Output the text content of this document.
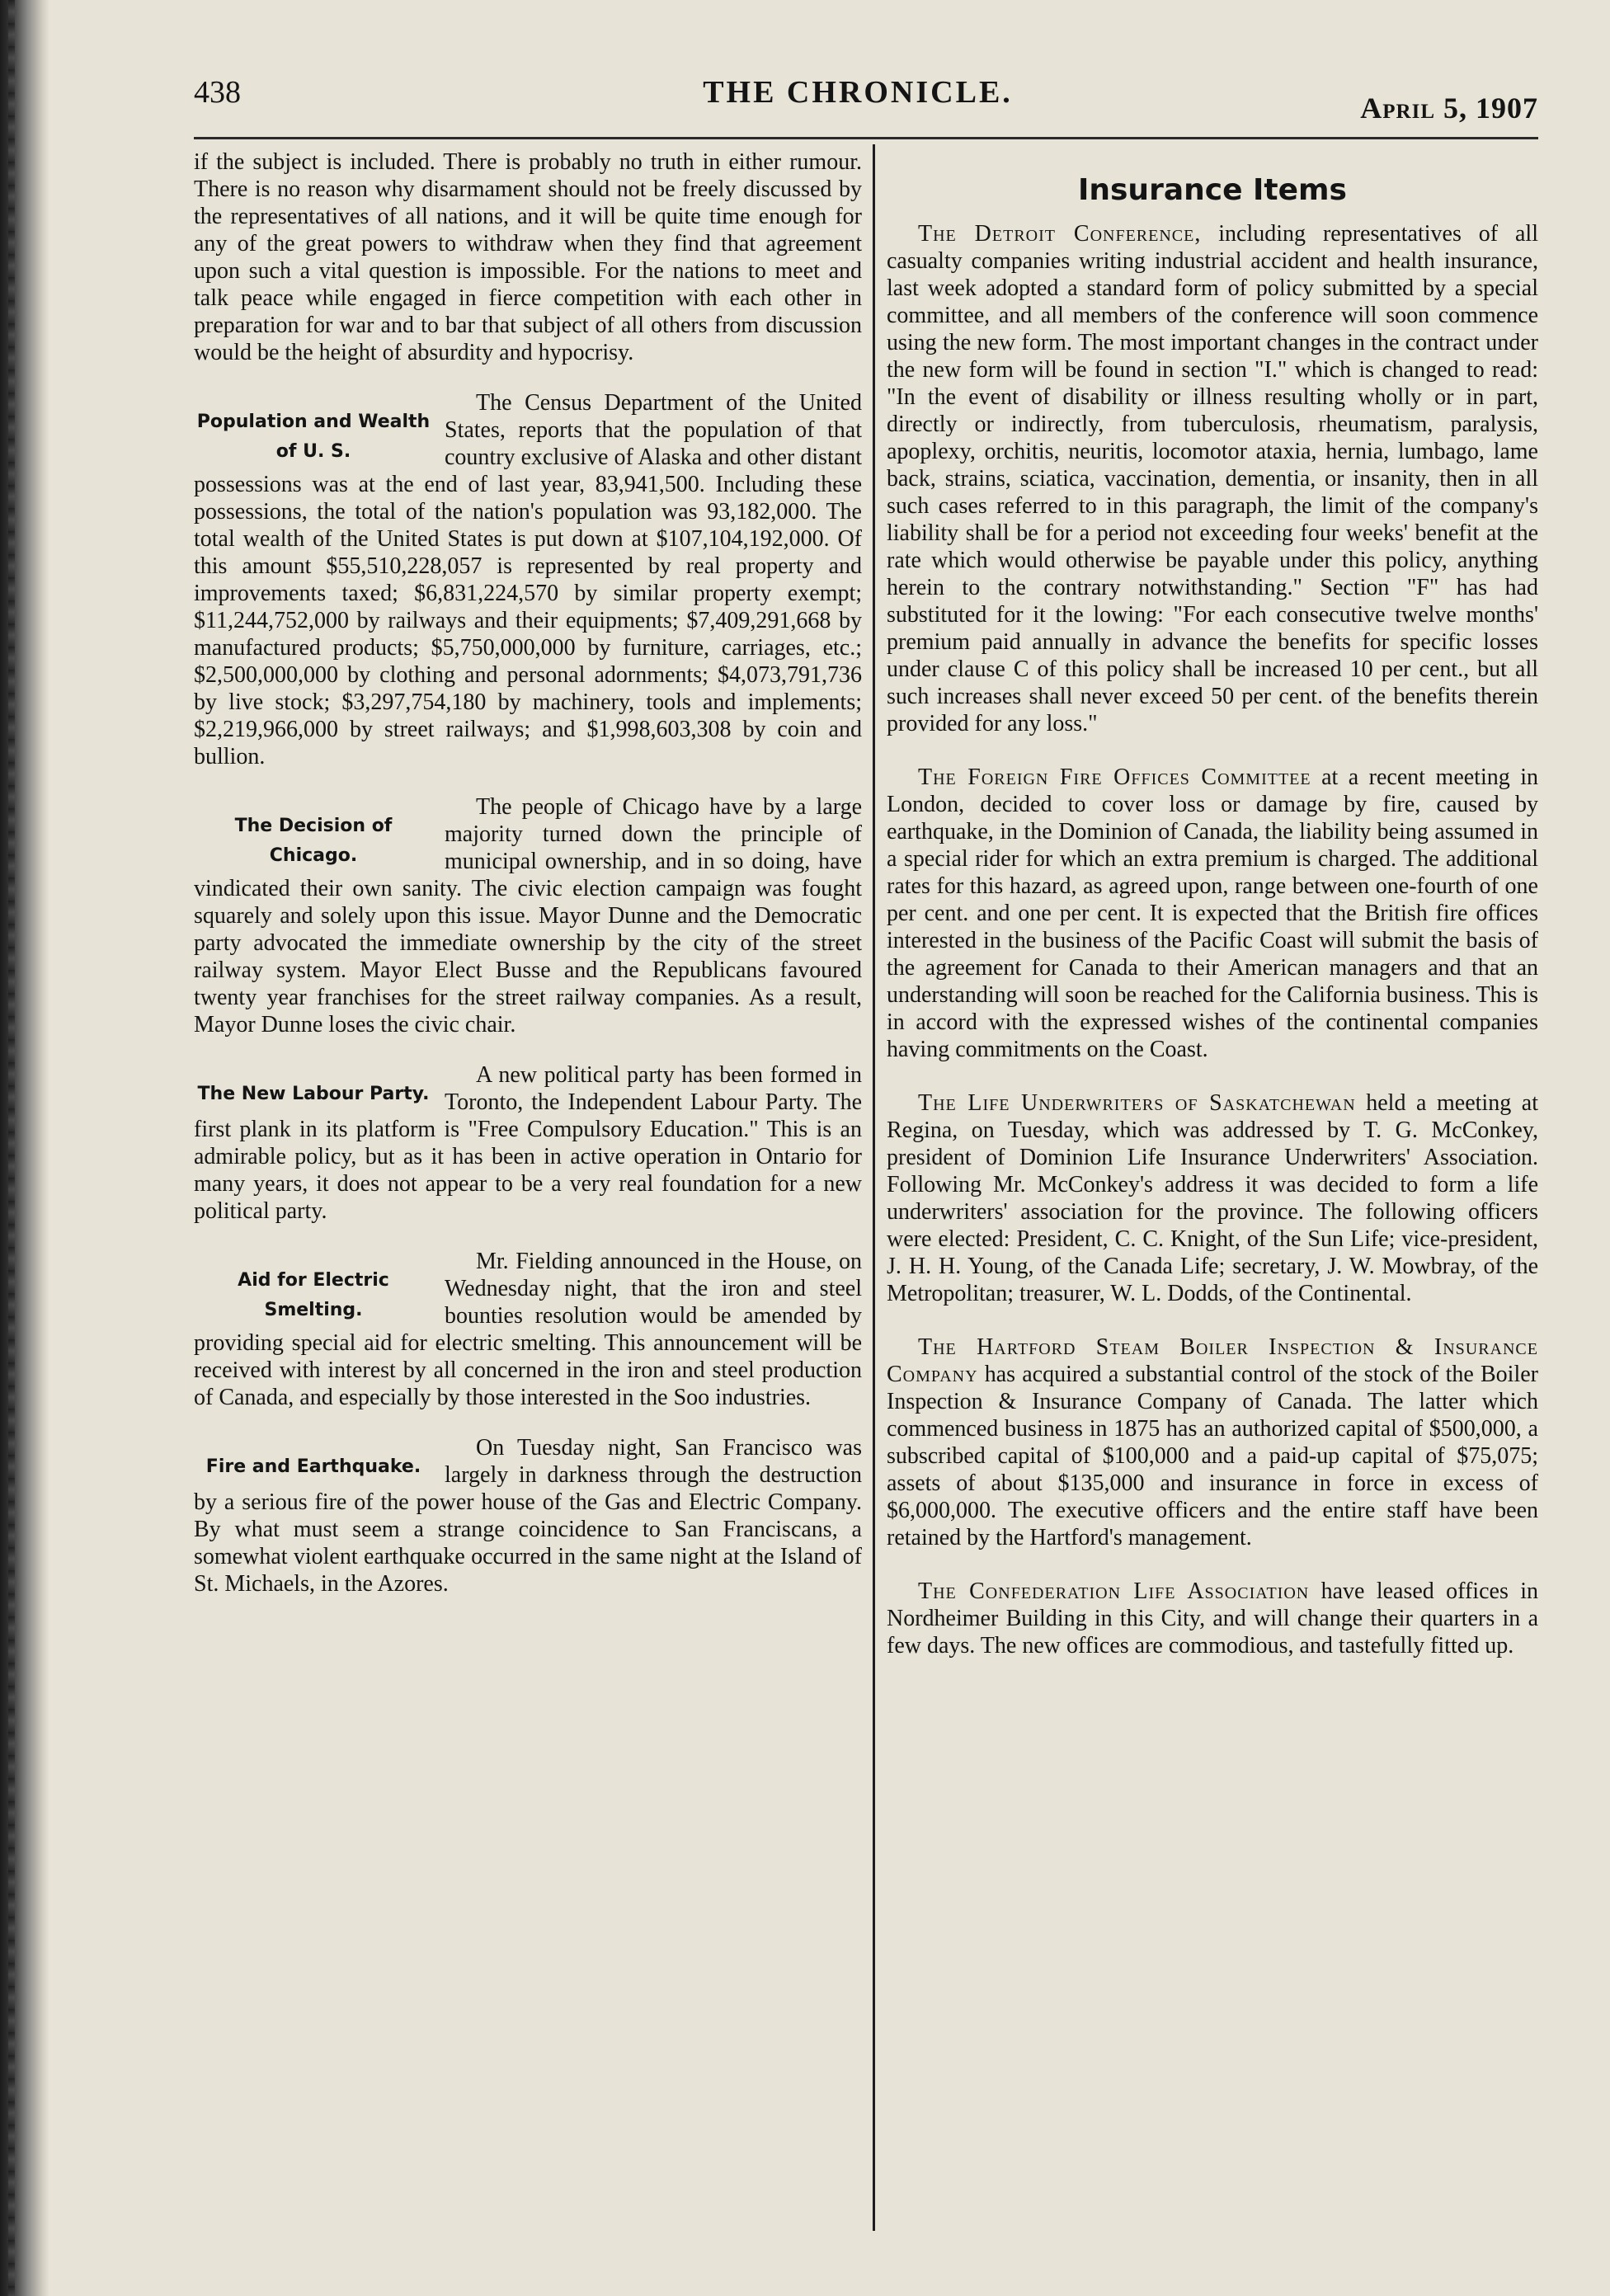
438	THE CHRONICLE.	April 5, 1907

if the subject is included. There is probably no truth in either rumour. There is no reason why disarmament should not be freely discussed by the representatives of all nations, and it will be quite time enough for any of the great powers to withdraw when they find that agreement upon such a vital question is impossible. For the nations to meet and talk peace while engaged in fierce competition with each other in preparation for war and to bar that subject of all others from discussion would be the height of absurdity and hypocrisy.

Population and Wealth of U. S.

The Census Department of the United States, reports that the population of that country exclusive of Alaska and other distant possessions was at the end of last year, 83,941,500. Including these possessions, the total of the nation's population was 93,182,000. The total wealth of the United States is put down at $107,104,192,000. Of this amount $55,510,228,057 is represented by real property and improvements taxed; $6,831,224,570 by similar property exempt; $11,244,752,000 by railways and their equipments; $7,409,291,668 by manufactured products; $5,750,000,000 by furniture, carriages, etc.; $2,500,000,000 by clothing and personal adornments; $4,073,791,736 by live stock; $3,297,754,180 by machinery, tools and implements; $2,219,966,000 by street railways; and $1,998,603,308 by coin and bullion.

The Decision of Chicago.

The people of Chicago have by a large majority turned down the principle of municipal ownership, and in so doing, have vindicated their own sanity. The civic election campaign was fought squarely and solely upon this issue. Mayor Dunne and the Democratic party advocated the immediate ownership by the city of the street railway system. Mayor Elect Busse and the Republicans favoured twenty year franchises for the street railway companies. As a result, Mayor Dunne loses the civic chair.

The New Labour Party.

A new political party has been formed in Toronto, the Independent Labour Party. The first plank in its platform is "Free Compulsory Education." This is an admirable policy, but as it has been in active operation in Ontario for many years, it does not appear to be a very real foundation for a new political party.

Aid for Electric Smelting.

Mr. Fielding announced in the House, on Wednesday night, that the iron and steel bounties resolution would be amended by providing special aid for electric smelting. This announcement will be received with interest by all concerned in the iron and steel production of Canada, and especially by those interested in the Soo industries.

Fire and Earthquake.

On Tuesday night, San Francisco was largely in darkness through the destruction by a serious fire of the power house of the Gas and Electric Company. By what must seem a strange coincidence to San Franciscans, a somewhat violent earthquake occurred in the same night at the Island of St. Michaels, in the Azores.

Insurance Items

The Detroit Conference, including representatives of all casualty companies writing industrial accident and health insurance, last week adopted a standard form of policy submitted by a special committee, and all members of the conference will soon commence using the new form. The most important changes in the contract under the new form will be found in section "I." which is changed to read: "In the event of disability or illness resulting wholly or in part, directly or indirectly, from tuberculosis, rheumatism, paralysis, apoplexy, orchitis, neuritis, locomotor ataxia, hernia, lumbago, lame back, strains, sciatica, vaccination, dementia, or insanity, then in all such cases referred to in this paragraph, the limit of the company's liability shall be for a period not exceeding four weeks' benefit at the rate which would otherwise be payable under this policy, anything herein to the contrary notwithstanding." Section "F" has had substituted for it the lowing: "For each consecutive twelve months' premium paid annually in advance the benefits for specific losses under clause C of this policy shall be increased 10 per cent., but all such increases shall never exceed 50 per cent. of the benefits therein provided for any loss."

The Foreign Fire Offices Committee at a recent meeting in London, decided to cover loss or damage by fire, caused by earthquake, in the Dominion of Canada, the liability being assumed in a special rider for which an extra premium is charged. The additional rates for this hazard, as agreed upon, range between one-fourth of one per cent. and one per cent. It is expected that the British fire offices interested in the business of the Pacific Coast will submit the basis of the agreement for Canada to their American managers and that an understanding will soon be reached for the California business. This is in accord with the expressed wishes of the continental companies having commitments on the Coast.

The Life Underwriters of Saskatchewan held a meeting at Regina, on Tuesday, which was addressed by T. G. McConkey, president of Dominion Life Insurance Underwriters' Association. Following Mr. McConkey's address it was decided to form a life underwriters' association for the province. The following officers were elected: President, C. C. Knight, of the Sun Life; vice-president, J. H. H. Young, of the Canada Life; secretary, J. W. Mowbray, of the Metropolitan; treasurer, W. L. Dodds, of the Continental.

The Hartford Steam Boiler Inspection & Insurance Company has acquired a substantial control of the stock of the Boiler Inspection & Insurance Company of Canada. The latter which commenced business in 1875 has an authorized capital of $500,000, a subscribed capital of $100,000 and a paid-up capital of $75,075; assets of about $135,000 and insurance in force in excess of $6,000,000. The executive officers and the entire staff have been retained by the Hartford's management.

The Confederation Life Association have leased offices in Nordheimer Building in this City, and will change their quarters in a few days. The new offices are commodious, and tastefully fitted up.
